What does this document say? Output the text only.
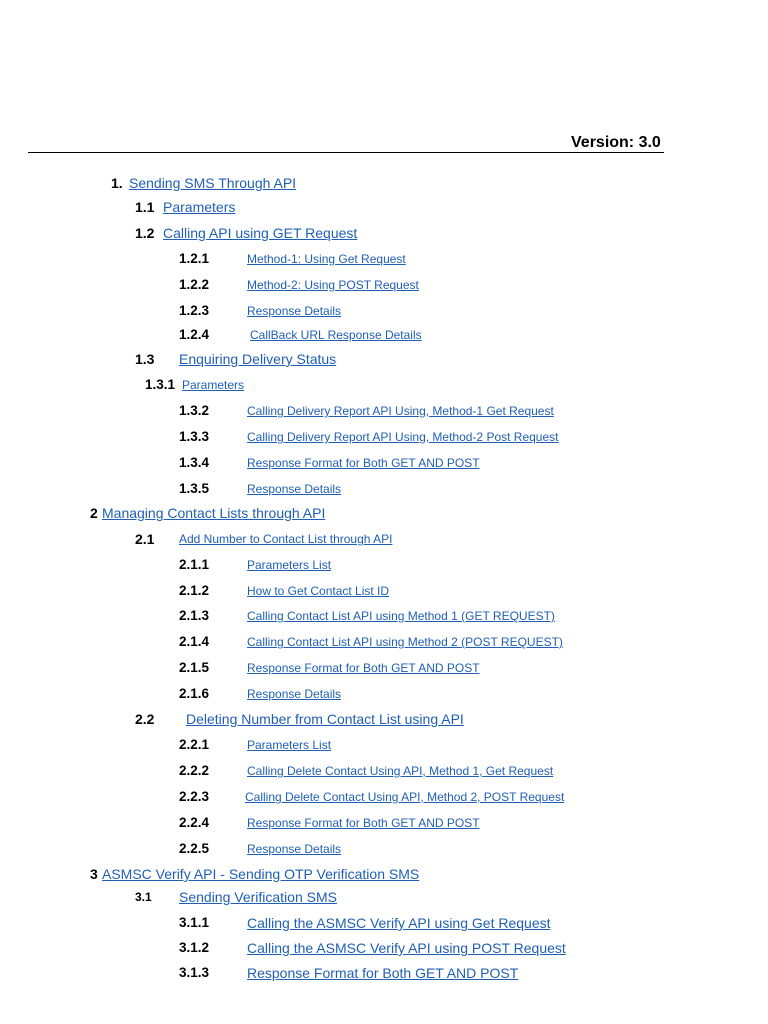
Version: 3.0
1. Sending SMS Through API
1.1 Parameters
1.2 Calling API using GET Request
1.2.1	Method-1: Using Get Request
1.2.2	Method-2: Using POST Request
1.2.3	Response Details
1.2.4	CallBack URL Response Details
1.3 Enquiring Delivery Status
1.3.1 Parameters
1.3.2	Calling Delivery Report API Using, Method-1 Get Request
1.3.3	Calling Delivery Report API Using, Method-2 Post Request
1.3.4	Response Format for Both GET AND POST
1.3.5	Response Details
2 Managing Contact Lists through API
2.1 Add Number to Contact List through API
2.1.1	Parameters List
2.1.2	How to Get Contact List ID
2.1.3	Calling Contact List API using Method 1 (GET REQUEST)
2.1.4	Calling Contact List API using Method 2 (POST REQUEST)
2.1.5	Response Format for Both GET AND POST
2.1.6	Response Details
2.2 Deleting Number from Contact List using API
2.2.1	Parameters List
2.2.2	Calling Delete Contact Using API, Method 1, Get Request
2.2.3	Calling Delete Contact Using API, Method 2, POST Request
2.2.4	Response Format for Both GET AND POST
2.2.5	Response Details
3 ASMSC Verify API - Sending OTP Verification SMS
3.1 Sending Verification SMS
3.1.1	Calling the ASMSC Verify API using Get Request
3.1.2	Calling the ASMSC Verify API using POST Request
3.1.3	Response Format for Both GET AND POST
